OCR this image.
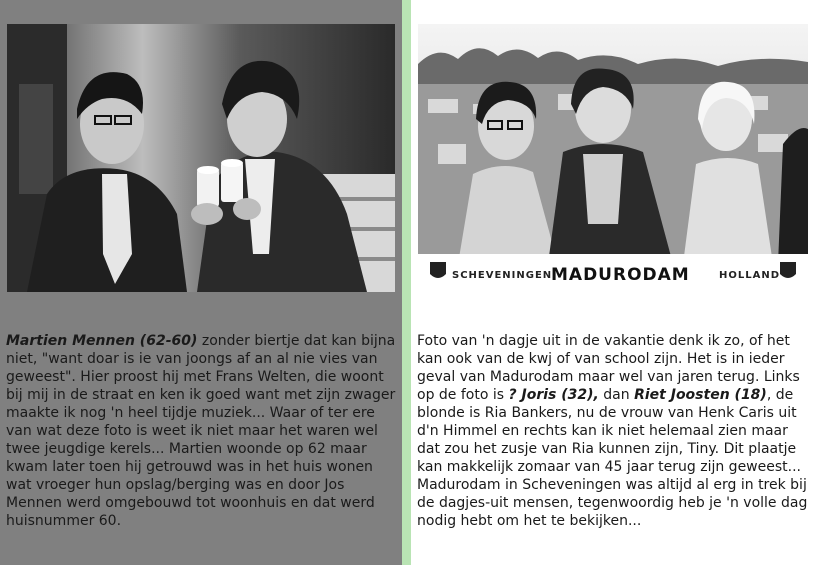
Martien Mennen (62-60) zonder biertje dat kan bijna niet, "want doar is ie van joongs af an al nie vies van geweest". Hier proost hij met Frans Welten, die woont bij mij in de straat en ken ik goed want met zijn zwager maakte ik nog 'n heel tijdje muziek... Waar of ter ere van wat deze foto is weet ik niet maar het waren wel twee jeugdige kerels... Martien woonde op 62 maar kwam later toen hij getrouwd was in het huis wonen wat vroeger hun opslag/berging was en door Jos Mennen werd omgebouwd tot woonhuis en dat werd huisnummer 60.

SCHEVENINGEN
MADURODAM	HOLLAND

Foto van 'n dagje uit in de vakantie denk ik zo, of het kan ook van de kwj of van school zijn. Het is in ieder geval van Madurodam maar wel van jaren terug. Links op de foto is ? Joris (32), dan Riet Joosten (18), de blonde is Ria Bankers, nu de vrouw van Henk Caris uit d'n Himmel en rechts kan ik niet helemaal zien maar dat zou het zusje van Ria kunnen zijn, Tiny. Dit plaatje kan makkelijk zomaar van 45 jaar terug zijn geweest... Madurodam in Scheveningen was altijd al erg in trek bij de dagjes-uit mensen, tegenwoordig heb je 'n volle dag nodig hebt om het te bekijken...
